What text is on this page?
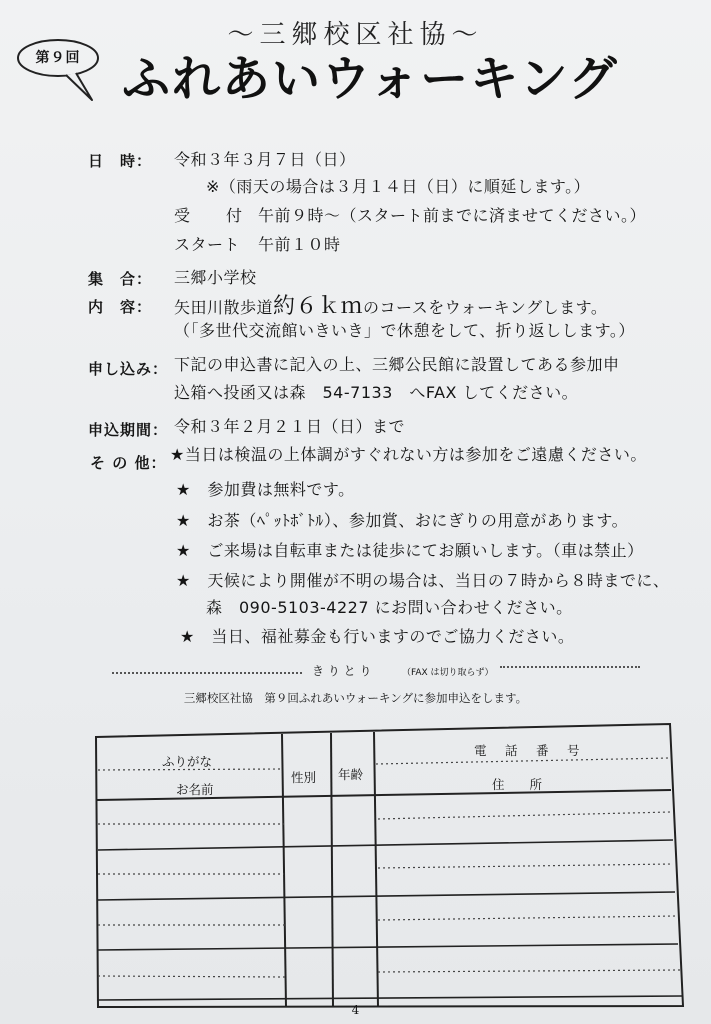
〜三郷校区社協〜
第９回 ふれあいウォーキング
日　時： 令和３年３月７日（日）
※（雨天の場合は３月１４日（日）に順延します。）
受　付 午前９時〜（スタート前までに済ませてください。）
スタート 午前１０時
集　合： 三郷小学校
内　容： 矢田川散歩道約６ｋｍのコースをウォーキングします。
（「多世代交流館いきいき」で休憩をして、折り返しします。）
申し込み： 下記の申込書に記入の上、三郷公民館に設置してある参加申
込箱へ投函又は森　54-7133　へFAX してください。
申込期間： 令和３年２月２１日（日）まで
そ の 他： ★当日は検温の上体調がすぐれない方は参加をご遠慮ください。
★　 参加費は無料です。
★　 お茶（ﾍﾟｯﾄﾎﾞﾄﾙ）、参加賞、おにぎりの用意があります。
★　 ご来場は自転車または徒歩にてお願いします。（車は禁止）
★　 天候により開催が不明の場合は、当日の７時から８時までに、
森　090-5103-4227 にお問い合わせください。
★　 当日、福祉募金も行いますのでご協力ください。
き り と り	（FAX は切り取らず）
三郷校区社協　第９回ふれあいウォーキングに参加申込をします。
ふりがな
お名前
性別 年齢
電　話　番　号
住　　所
4
